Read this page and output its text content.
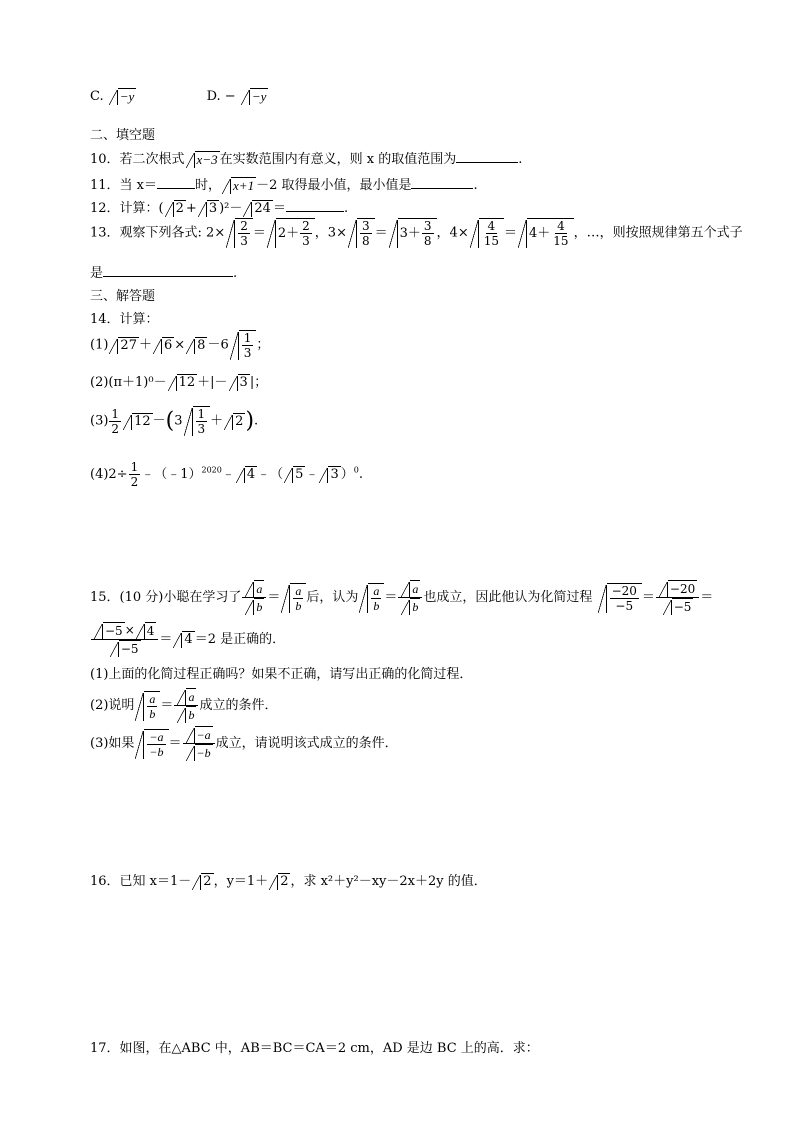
C. −y	D. − −y
二、填空题
10．若二次根式 x−3 在实数范围内有意义，则 x 的取值范围为	.
11．当 x＝	时， x+1 －2 取得最小值，最小值是	.
12．计算：( 2 + 3 )²－ 24 ＝	.
13．观察下列各式: $2\times \frac{2}{3} = 2+ \frac{2}{3}$ ，$3\times \frac{3}{8} = 3+ \frac{3}{8}$ ，$4\times \frac{4}{15} = 4+ \frac{4}{15}$ ，…，则按照规律第五个式子
是	.
三、解答题
14．计算：
(1) $27 + 6 \times 8 -6 \frac{1}{3}$ ；
(2)(π＋1)⁰－ 12 ＋|－ 3 |；
$(3) \frac{1}{2} 12 -(3 \frac{1}{3} + 2)$.
$(4)2\div \frac{1}{2}$ ﹣（﹣1）$^{2020}$﹣ 4 ﹣（ 5 ﹣ 3 ）$^0$.
15．(10 分)小聪在学习了 $\frac{a}{b} = \frac{a}{b}$ 后，认为 $\frac{a}{b} = \frac{a}{b}$ 也成立，因此他认为化简过程 $\frac{-20}{-5} = \frac{-20}{-5}$ ＝
$\frac{-5 \times 4}{-5} = 4 =2$ 是正确的．
(1)上面的化简过程正确吗？如果不正确，请写出正确的化简过程．
(2)说明 $\frac{a}{b} = \frac{a}{b}$ 成立的条件．
(3)如果 $\frac{-a}{-b} = \frac{-a}{-b}$ 成立，请说明该式成立的条件．
16．已知 x＝1－ 2 ，y＝1＋ 2 ，求 x²＋y²－xy－2x＋2y 的值．
17．如图，在△ABC 中，AB＝BC＝CA＝2 cm，AD 是边 BC 上的高．求：
